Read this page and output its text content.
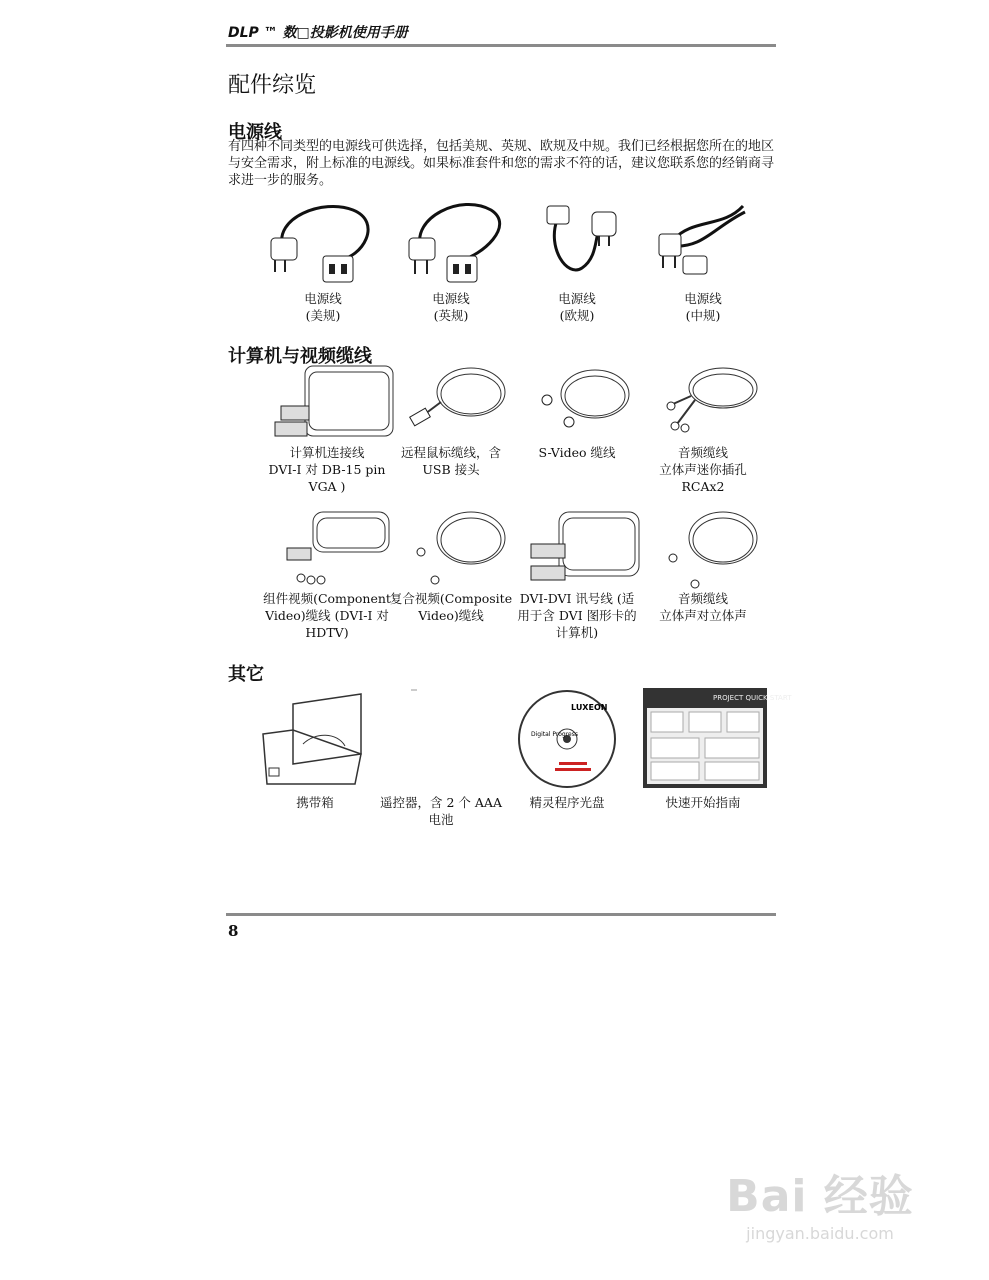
DLP ™ 数□投影机使用手册
配件综览
电源线
有四种不同类型的电源线可供选择，包括美规、英规、欧规及中规。我们已经根据您所在的地区与安全需求，附上标准的电源线。如果标准套件和您的需求不符的话，建议您联系您的经销商寻求进一步的服务。
电源线
(美规)
电源线
(英规)
电源线
(欧规)
电源线
(中规)
计算机与视频缆线
计算机连接线
DVI-I 对 DB-15 pin
VGA )
远程鼠标缆线，含
USB 接头
S-Video 缆线	音频缆线
立体声迷你插孔
RCAx2
组件视频(Component
Video)缆线 (DVI-I 对
HDTV)
复合视频(Composite
Video)缆线
DVI-DVI 讯号线 (适
用于含 DVI 图形卡的
计算机)
音频缆线
立体声对立体声
其它
携带箱	遥控器，含 2 个 AAA
电池
LUXEON
Digital Progress
精灵程序光盘
PROJECT QUICK START
快速开始指南
8
Bai 经验
jingyan.baidu.com
